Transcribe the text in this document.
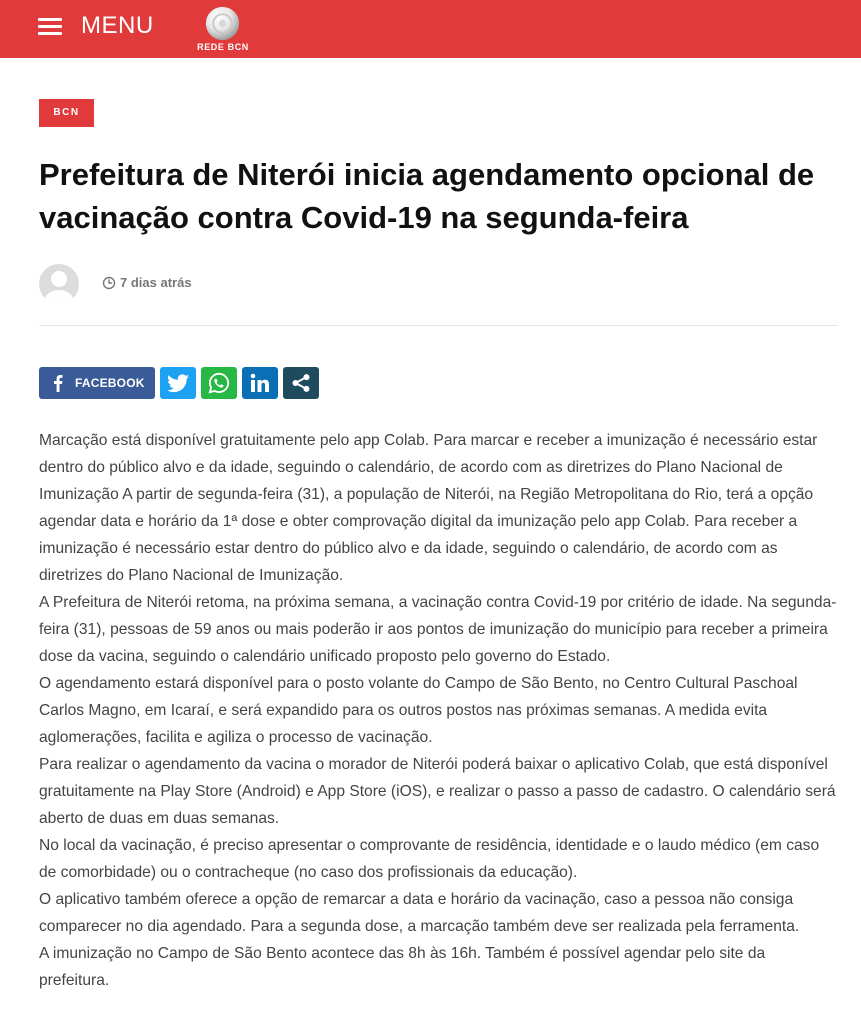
MENU
REDE BCN
BCN
Prefeitura de Niterói inicia agendamento opcional de vacinação contra Covid-19 na segunda-feira
7 dias atrás
FACEBOOK

Marcação está disponível gratuitamente pelo app Colab. Para marcar e receber a imunização é necessário estar dentro do público alvo e da idade, seguindo o calendário, de acordo com as diretrizes do Plano Nacional de Imunização A partir de segunda-feira (31), a população de Niterói, na Região Metropolitana do Rio, terá a opção agendar data e horário da 1ª dose e obter comprovação digital da imunização pelo app Colab. Para receber a imunização é necessário estar dentro do público alvo e da idade, seguindo o calendário, de acordo com as diretrizes do Plano Nacional de Imunização.

A Prefeitura de Niterói retoma, na próxima semana, a vacinação contra Covid-19 por critério de idade. Na segunda-feira (31), pessoas de 59 anos ou mais poderão ir aos pontos de imunização do município para receber a primeira dose da vacina, seguindo o calendário unificado proposto pelo governo do Estado.

O agendamento estará disponível para o posto volante do Campo de São Bento, no Centro Cultural Paschoal Carlos Magno, em Icaraí, e será expandido para os outros postos nas próximas semanas. A medida evita aglomerações, facilita e agiliza o processo de vacinação.

Para realizar o agendamento da vacina o morador de Niterói poderá baixar o aplicativo Colab, que está disponível gratuitamente na Play Store (Android) e App Store (iOS), e realizar o passo a passo de cadastro. O calendário será aberto de duas em duas semanas.

No local da vacinação, é preciso apresentar o comprovante de residência, identidade e o laudo médico (em caso de comorbidade) ou o contracheque (no caso dos profissionais da educação).

O aplicativo também oferece a opção de remarcar a data e horário da vacinação, caso a pessoa não consiga comparecer no dia agendado. Para a segunda dose, a marcação também deve ser realizada pela ferramenta.

A imunização no Campo de São Bento acontece das 8h às 16h. Também é possível agendar pelo site da prefeitura.
